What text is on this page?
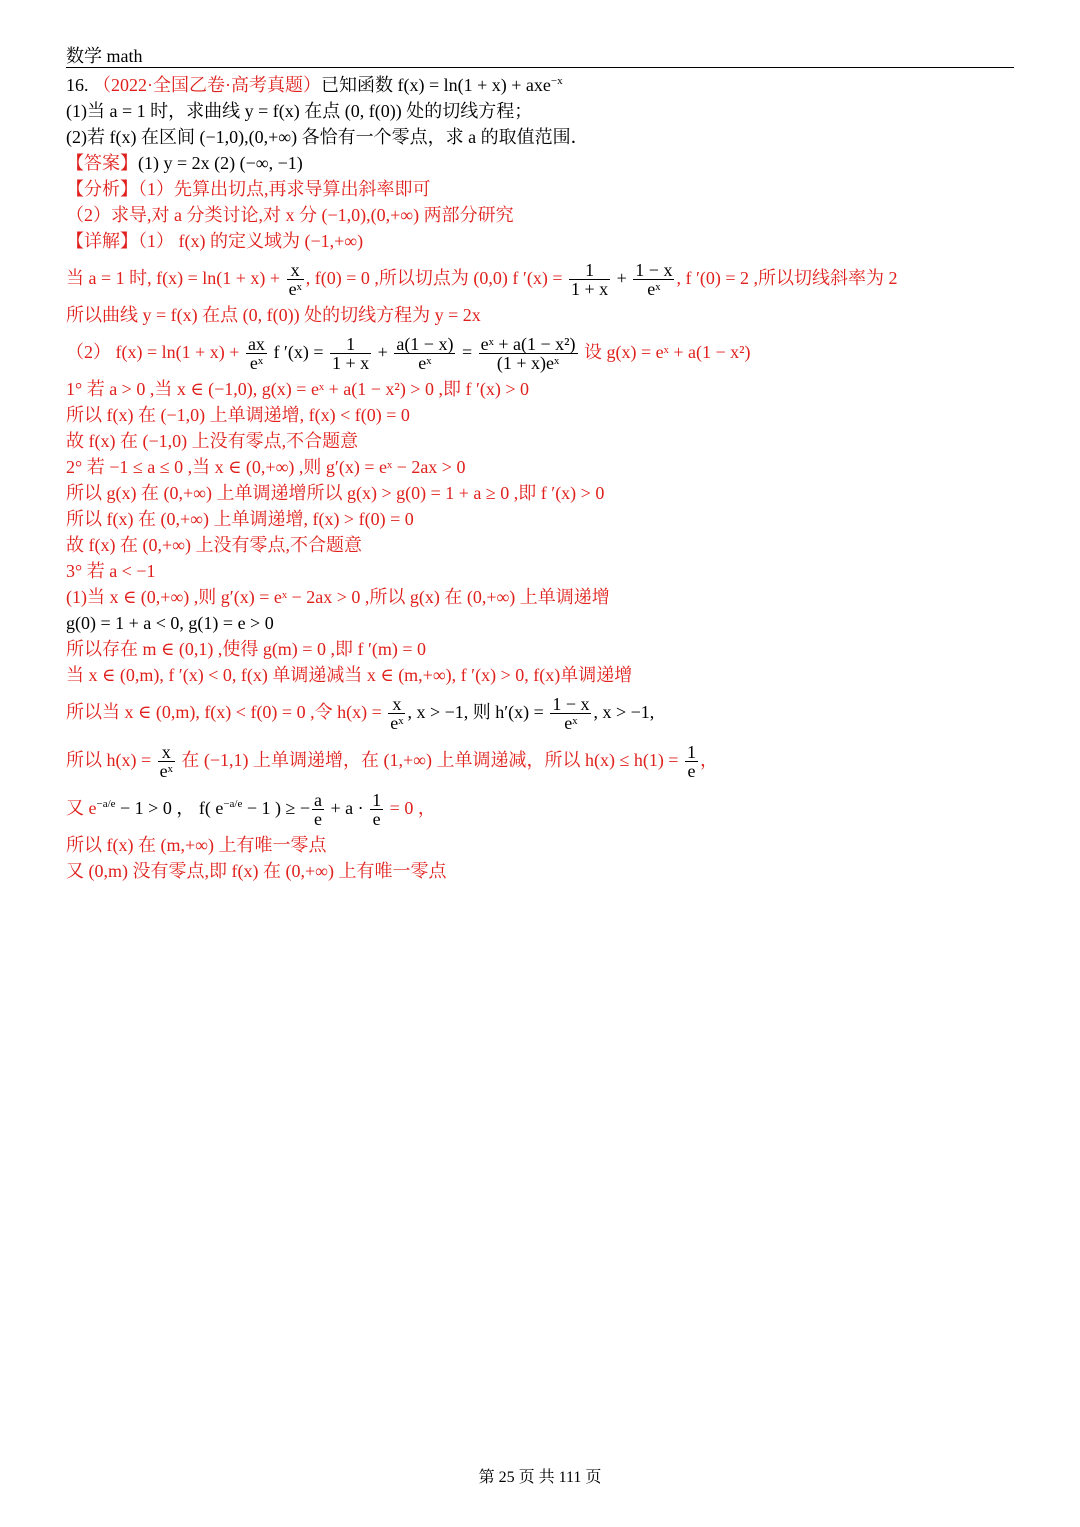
数学 math
16. （2022·全国乙卷·高考真题）已知函数 f(x) = ln(1 + x) + axe$^{-x}$
(1)当 a = 1 时，求曲线 y = f(x) 在点 (0, f(0)) 处的切线方程；
(2)若 f(x) 在区间 (−1,0),(0,+∞) 各恰有一个零点，求 a 的取值范围．
【答案】(1) y = 2x (2) (−∞, −1)
【分析】（1）先算出切点,再求导算出斜率即可
（2）求导,对 a 分类讨论,对 x 分 (−1,0),(0,+∞) 两部分研究
【详解】（1） f(x) 的定义域为 (−1,+∞)
当 a = 1 时, $f(x) = \ln(1 + x) + \frac{x}{\text{eˣ}}$ , f(0) = 0 ,所以切点为 (0,0) f $'(x) = \frac{1}{1 + x} + \frac{1 - x}{\text{eˣ}}$ , f ′(0) = 2 ,所以切线斜率为 2
所以曲线 y = f(x) 在点 (0, f(0)) 处的切线方程为 y = 2x
（2） $f(x) = \ln(1 + x) + \frac{ax}{\text{eˣ}}$ f $'(x) = \frac{1}{1 + x} + \frac{a(1 - x)}{\text{eˣ}} = \frac{\text{eˣ + a(1 − x²)}}{\text{(1 + x)eˣ}}$ 设 g(x) = eˣ + a(1 − x²)
1° 若 a > 0 ,当 x ∈ (−1,0), g(x) = eˣ + a(1 − x²) > 0 ,即 f ′(x) > 0
所以 f(x) 在 (−1,0) 上单调递增, f(x) < f(0) = 0
故 f(x) 在 (−1,0) 上没有零点,不合题意
2° 若 −1 ≤ a ≤ 0 ,当 x ∈ (0,+∞) ,则 g′(x) = eˣ − 2ax > 0
所以 g(x) 在 (0,+∞) 上单调递增所以 g(x) > g(0) = 1 + a ≥ 0 ,即 f ′(x) > 0
所以 f(x) 在 (0,+∞) 上单调递增, f(x) > f(0) = 0
故 f(x) 在 (0,+∞) 上没有零点,不合题意
3° 若 a < −1
(1)当 x ∈ (0,+∞) ,则 g′(x) = eˣ − 2ax > 0 ,所以 g(x) 在 (0,+∞) 上单调递增
g(0) = 1 + a < 0, g(1) = e > 0
所以存在 m ∈ (0,1) ,使得 g(m) = 0 ,即 f ′(m) = 0
当 x ∈ (0,m), f ′(x) < 0, f(x) 单调递减当 x ∈ (m,+∞), f ′(x) > 0, f(x)单调递增
所以当 x ∈ (0,m), f(x) < f(0) = 0 ,令 $h(x) = \frac{x}{\text{eˣ}}$ , x > −1, 则 $h'(x) = \frac{1 - x}{\text{eˣ}}$ , x > −1,
所以 $h(x) = \frac{x}{\text{eˣ}}$ 在 (−1,1) 上单调递增，在 (1,+∞) 上单调递减，所以 $h(x) \le h(1) = \frac{1}{e}$ ，
又 $e^{-a/e} - 1 > 0$ ， f( $e^{-a/e} - 1$ ) ≥ − $\frac{a}{e} + a \cdot \frac{1}{e} = 0$ ，
所以 f(x) 在 (m,+∞) 上有唯一零点
又 (0,m) 没有零点,即 f(x) 在 (0,+∞) 上有唯一零点
第 25 页 共 111 页
